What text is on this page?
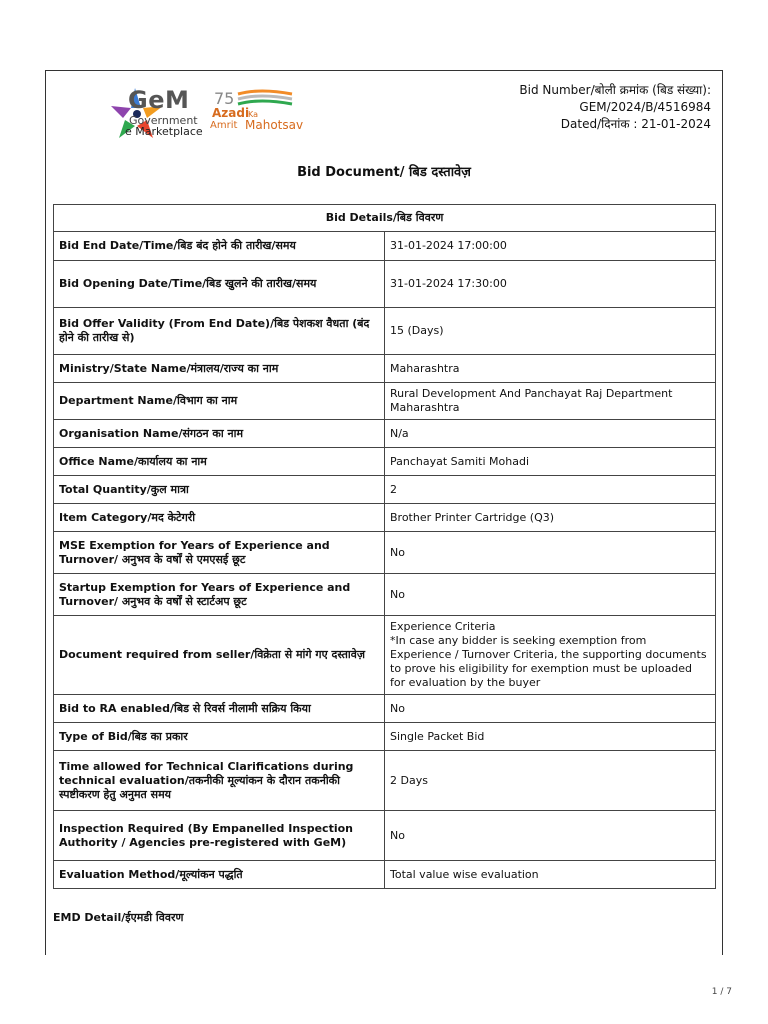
GeM
Government
e Marketplace
75
Azadi
Ka
Amrit Mahotsav
Bid Number/बोली क्रमांक (बिड संख्या):
GEM/2024/B/4516984
Dated/दिनांक : 21-01-2024
Bid Document/ बिड दस्तावेज़
Bid Details/बिड विवरण	
Bid End Date/Time/बिड बंद होने की तारीख/समय	31-01-2024 17:00:00
Bid Opening Date/Time/बिड खुलने की तारीख/समय	31-01-2024 17:30:00
Bid Offer Validity (From End Date)/बिड पेशकश वैधता (बंद होने की तारीख से)	15 (Days)
Ministry/State Name/मंत्रालय/राज्य का नाम	Maharashtra
Department Name/विभाग का नाम	Rural Development And Panchayat Raj Department Maharashtra
Organisation Name/संगठन का नाम	N/a
Office Name/कार्यालय का नाम	Panchayat Samiti Mohadi
Total Quantity/कुल मात्रा	2
Item Category/मद केटेगरी	Brother Printer Cartridge (Q3)
MSE Exemption for Years of Experience and Turnover/ अनुभव के वर्षों से एमएसई छूट	No
Startup Exemption for Years of Experience and Turnover/ अनुभव के वर्षों से स्टार्टअप छूट	No
Document required from seller/विक्रेता से मांगे गए दस्तावेज़	Experience Criteria
*In case any bidder is seeking exemption from Experience / Turnover Criteria, the supporting documents to prove his eligibility for exemption must be uploaded for evaluation by the buyer

Bid to RA enabled/बिड से रिवर्स नीलामी सक्रिय किया	No
Type of Bid/बिड का प्रकार	Single Packet Bid
Time allowed for Technical Clarifications during technical evaluation/तकनीकी मूल्यांकन के दौरान तकनीकी स्पष्टीकरण हेतु अनुमत समय	2 Days
Inspection Required (By Empanelled Inspection Authority / Agencies pre-registered with GeM)	No
Evaluation Method/मूल्यांकन पद्धति	Total value wise evaluation
EMD Detail/ईएमडी विवरण
1 / 7
